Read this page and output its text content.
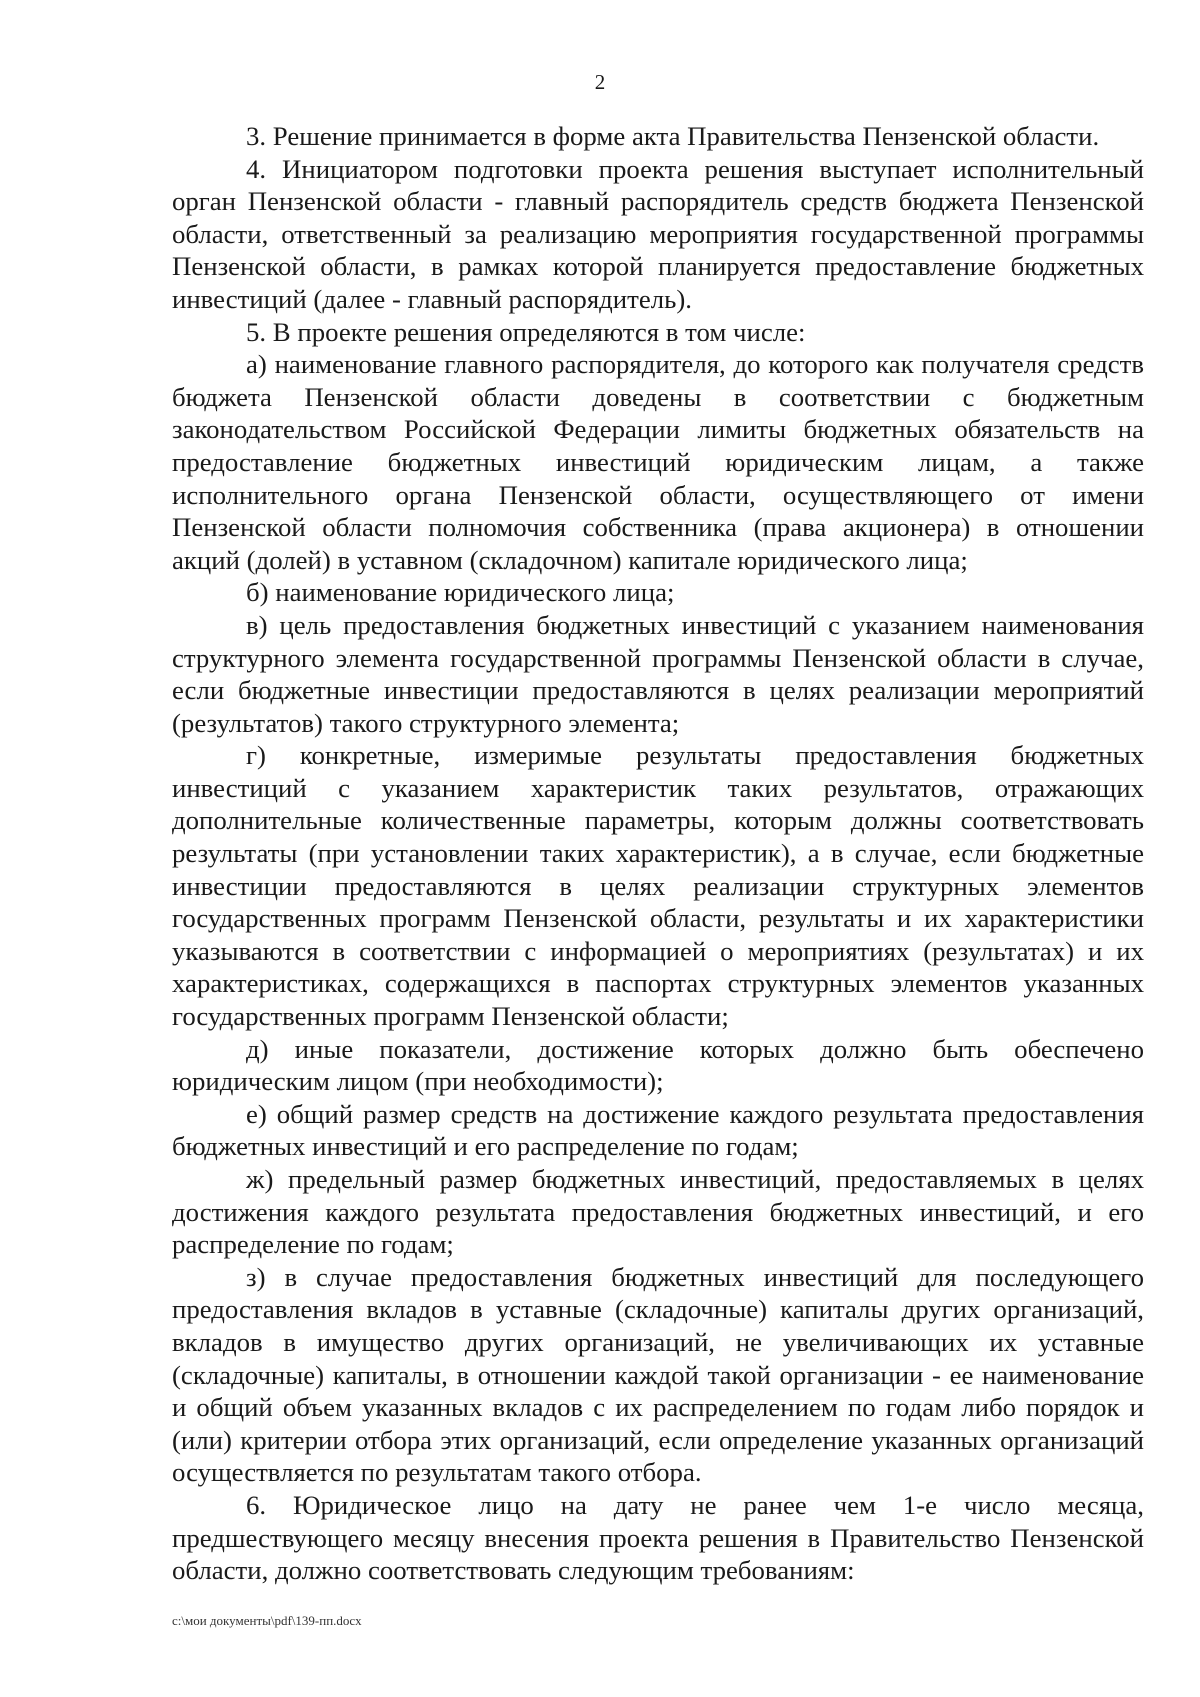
2

3. Решение принимается в форме акта Правительства Пензенской области.

4. Инициатором подготовки проекта решения выступает исполнительный орган Пензенской области - главный распорядитель средств бюджета Пензенской области, ответственный за реализацию мероприятия государственной программы Пензенской области, в рамках которой планируется предоставление бюджетных инвестиций (далее - главный распорядитель).

5. В проекте решения определяются в том числе:

а) наименование главного распорядителя, до которого как получателя средств бюджета Пензенской области доведены в соответствии с бюджетным законодательством Российской Федерации лимиты бюджетных обязательств на предоставление бюджетных инвестиций юридическим лицам, а также исполнительного органа Пензенской области, осуществляющего от имени Пензенской области полномочия собственника (права акционера) в отношении акций (долей) в уставном (складочном) капитале юридического лица;

б) наименование юридического лица;

в) цель предоставления бюджетных инвестиций с указанием наименования структурного элемента государственной программы Пензенской области в случае, если бюджетные инвестиции предоставляются в целях реализации мероприятий (результатов) такого структурного элемента;

г) конкретные, измеримые результаты предоставления бюджетных инвестиций с указанием характеристик таких результатов, отражающих дополнительные количественные параметры, которым должны соответствовать результаты (при установлении таких характеристик), а в случае, если бюджетные инвестиции предоставляются в целях реализации структурных элементов государственных программ Пензенской области, результаты и их характеристики указываются в соответствии с информацией о мероприятиях (результатах) и их характеристиках, содержащихся в паспортах структурных элементов указанных государственных программ Пензенской области;

д) иные показатели, достижение которых должно быть обеспечено юридическим лицом (при необходимости);

е) общий размер средств на достижение каждого результата предоставления бюджетных инвестиций и его распределение по годам;

ж) предельный размер бюджетных инвестиций, предоставляемых в целях достижения каждого результата предоставления бюджетных инвестиций, и его распределение по годам;

з) в случае предоставления бюджетных инвестиций для последующего предоставления вкладов в уставные (складочные) капиталы других организаций, вкладов в имущество других организаций, не увеличивающих их уставные (складочные) капиталы, в отношении каждой такой организации - ее наименование и общий объем указанных вкладов с их распределением по годам либо порядок и (или) критерии отбора этих организаций, если определение указанных организаций осуществляется по результатам такого отбора.

6. Юридическое лицо на дату не ранее чем 1-е число месяца, предшествующего месяцу внесения проекта решения в Правительство Пензенской области, должно соответствовать следующим требованиям:

c:\мои документы\pdf\139-пп.docx
